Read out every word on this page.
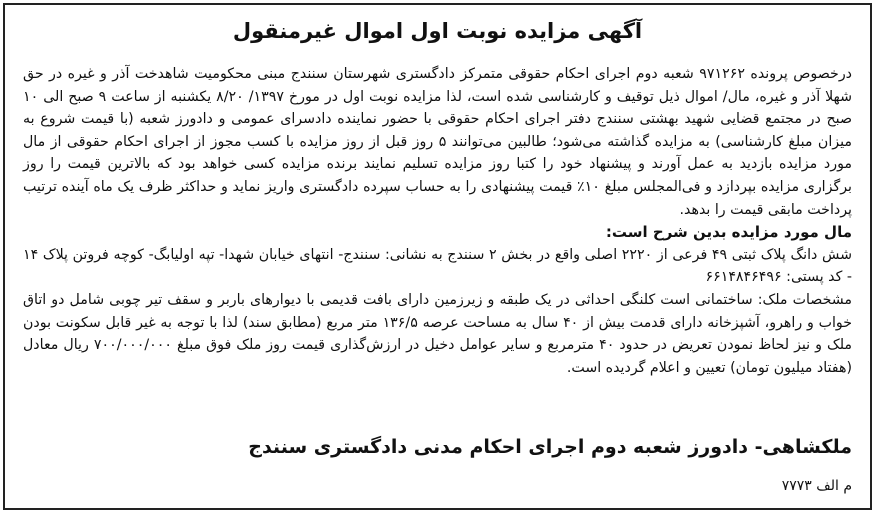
آگهی مزایده نوبت اول اموال غیرمنقول

درخصوص پرونده ۹۷۱۲۶۲ شعبه دوم اجرای احکام حقوقی متمرکز دادگستری شهرستان سنندج مبنی محکومیت شاهدخت آذر و غیره در حق شهلا آذر و غیره، مال/ اموال ذیل توقیف و کارشناسی شده است، لذا مزایده نوبت اول در مورخ ۱۳۹۷/ ۸/۲۰ یکشنبه از ساعت ۹ صبح الی ۱۰ صبح در مجتمع قضایی شهید بهشتی سنندج دفتر اجرای احکام حقوقی با حضور نماینده دادسرای عمومی و دادورز شعبه (با قیمت شروع به میزان مبلغ کارشناسی) به مزایده گذاشته می‌شود؛ طالبین می‌توانند ۵ روز قبل از روز مزایده با کسب مجوز از اجرای احکام حقوقی از مال مورد مزایده بازدید به عمل آورند و پیشنهاد خود را کتبا روز مزایده تسلیم نمایند برنده مزایده کسی خواهد بود که بالاترین قیمت را روز برگزاری مزایده بپردازد و فی‌المجلس مبلغ ۱۰٪ قیمت پیشنهادی را به حساب سپرده دادگستری واریز نماید و حداکثر ظرف یک ماه آینده ترتیب پرداخت مابقی قیمت را بدهد.

مال مورد مزایده بدین شرح است:

شش دانگ پلاک ثبتی ۴۹ فرعی از ۲۲۲۰ اصلی واقع در بخش ۲ سنندج به نشانی: سنندج- انتهای خیابان شهدا- تپه اولیابگ- کوچه فروتن پلاک ۱۴ - کد پستی: ۶۶۱۴۸۴۶۴۹۶

مشخصات ملک: ساختمانی است کلنگی احداثی در یک طبقه و زیرزمین دارای بافت قدیمی با دیوارهای باربر و سقف تیر چوبی شامل دو اتاق خواب و راهرو، آشپزخانه دارای قدمت بیش از ۴۰ سال به مساحت عرصه ۱۳۶/۵ متر مربع (مطابق سند) لذا با توجه به غیر قابل سکونت بودن ملک و نیز لحاظ نمودن تعریض در حدود ۴۰ مترمربع و سایر عوامل دخیل در ارزش‌گذاری قیمت روز ملک فوق مبلغ ۷۰۰/۰۰۰/۰۰۰ ریال معادل (هفتاد میلیون تومان) تعیین و اعلام گردیده است.

ملکشاهی- دادورز شعبه دوم اجرای احکام مدنی دادگستری سنندج
م الف ۷۷۷۳
